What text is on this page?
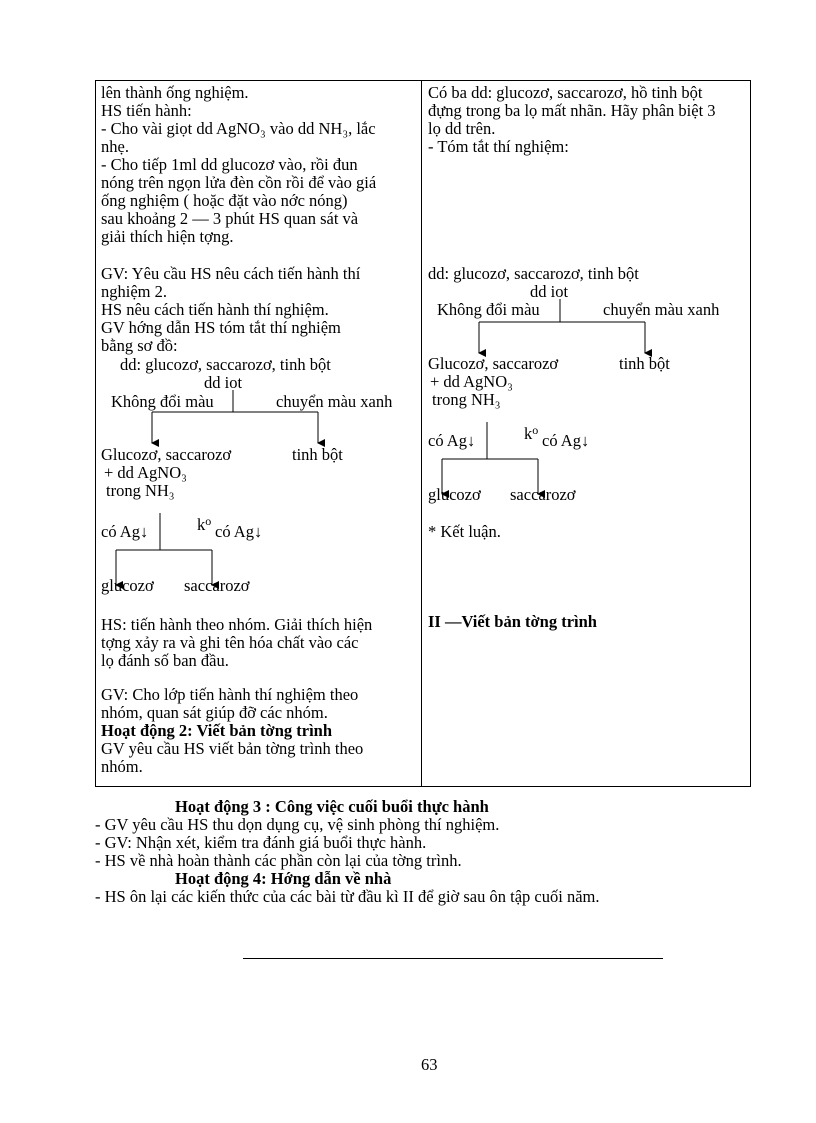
lên thành ống nghiệm.
HS tiến hành:
- Cho vài giọt dd AgNO₃ vào dd NH₃, lắc
nhẹ.
- Cho tiếp 1ml dd glucozơ vào, rồi đun
nóng trên ngọn lửa đèn cồn rồi để vào giá
ống nghiệm ( hoặc đặt vào nớc nóng)
sau khoảng 2 — 3 phút HS quan sát và
giải thích hiện tợng.
GV: Yêu cầu HS nêu cách tiến hành thí
nghiệm 2.
HS nêu cách tiến hành thí nghiệm.
GV hớng dẫn HS tóm tắt thí nghiệm
bằng sơ đồ:
dd: glucozơ, saccarozơ, tinh bột
dd iot
Không đổi màu	chuyển màu xanh
Glucozơ, saccarozơ	tinh bột
+ dd AgNO₃
trong NH₃
có Ag↓	$k^o$
có Ag↓
glucozơ saccarozơ
HS: tiến hành theo nhóm. Giải thích hiện
tợng xảy ra và ghi tên hóa chất vào các
lọ đánh số ban đầu.
GV: Cho lớp tiến hành thí nghiệm theo
nhóm, quan sát giúp đỡ các nhóm.
Hoạt động 2: Viết bản tờng trình
GV yêu cầu HS viết bản tờng trình theo
nhóm.
Có ba dd: glucozơ, saccarozơ, hồ tinh bột
đựng trong ba lọ mất nhãn. Hãy phân biệt 3
lọ dd trên.
- Tóm tắt thí nghiệm:
dd: glucozơ, saccarozơ, tinh bột
dd iot
Không đổi màu	chuyển màu xanh
Glucozơ, saccarozơ	tinh bột
+ dd AgNO₃
trong NH₃
có Ag↓	$k^o$
có Ag↓
glucozơ saccarozơ
* Kết luận.
II —Viết bản tờng trình
Hoạt động 3 : Công việc cuối buổi thực hành
- GV yêu cầu HS thu dọn dụng cụ, vệ sinh phòng thí nghiệm.
- GV: Nhận xét, kiểm tra đánh giá buổi thực hành.
- HS về nhà hoàn thành các phần còn lại của tờng trình.
Hoạt động 4: Hớng dẫn về nhà
- HS ôn lại các kiến thức của các bài từ đầu kì II để giờ sau ôn tập cuối năm.
63
